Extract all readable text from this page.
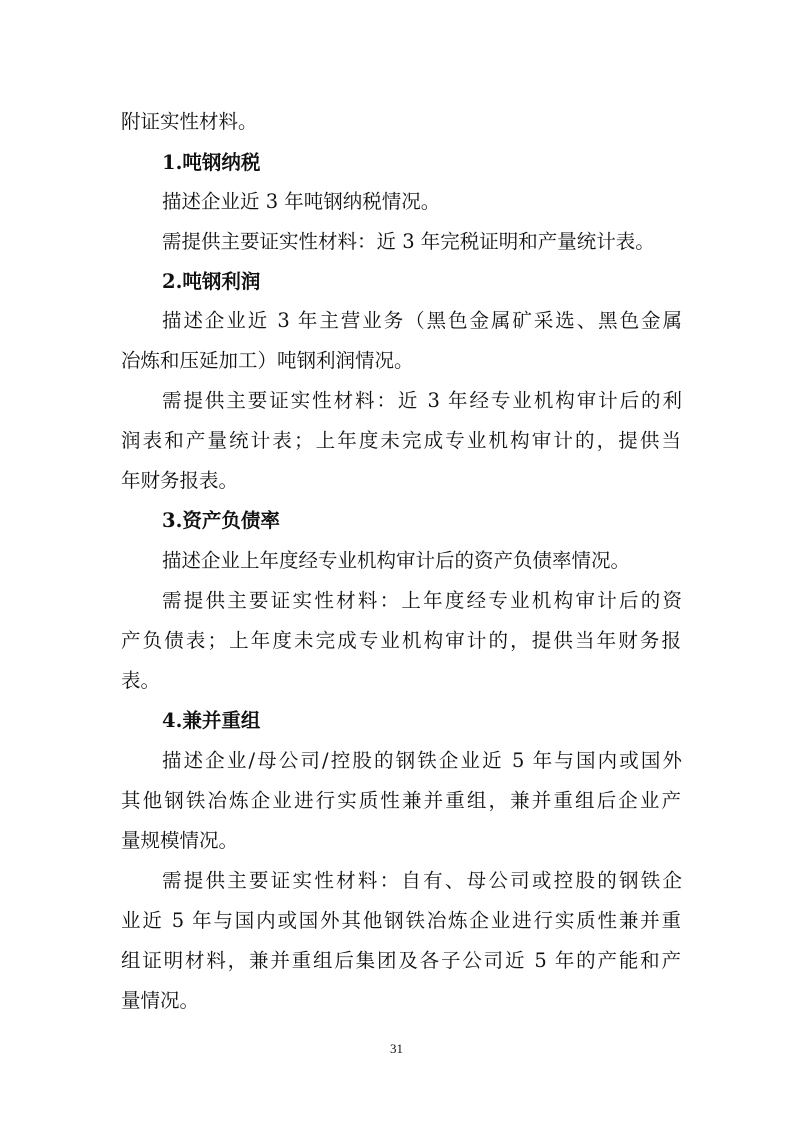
附证实性材料。

1.吨钢纳税

描述企业近 3 年吨钢纳税情况。

需提供主要证实性材料：近 3 年完税证明和产量统计表。

2.吨钢利润

描述企业近 3 年主营业务（黑色金属矿采选、黑色金属

冶炼和压延加工）吨钢利润情况。

需提供主要证实性材料：近 3 年经专业机构审计后的利

润表和产量统计表；上年度未完成专业机构审计的，提供当

年财务报表。

3.资产负债率

描述企业上年度经专业机构审计后的资产负债率情况。

需提供主要证实性材料：上年度经专业机构审计后的资

产负债表；上年度未完成专业机构审计的，提供当年财务报

表。

4.兼并重组

描述企业/母公司/控股的钢铁企业近 5 年与国内或国外

其他钢铁冶炼企业进行实质性兼并重组，兼并重组后企业产

量规模情况。

需提供主要证实性材料：自有、母公司或控股的钢铁企

业近 5 年与国内或国外其他钢铁冶炼企业进行实质性兼并重

组证明材料，兼并重组后集团及各子公司近 5 年的产能和产

量情况。

31
